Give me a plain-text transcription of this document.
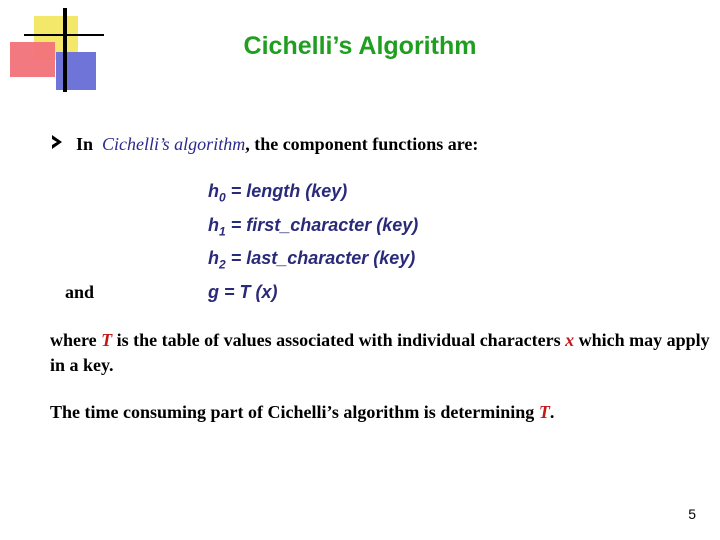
Cichelli’s Algorithm
In Cichelli’s algorithm, the component functions are:
$h_0$ = length (key)
$h_1$ = first_character (key)
$h_2$ = last_character (key)
and	g = T (x)
where T is the table of values associated with individual characters x which may apply in a key.
The time consuming part of Cichelli’s algorithm is determining T.
5
